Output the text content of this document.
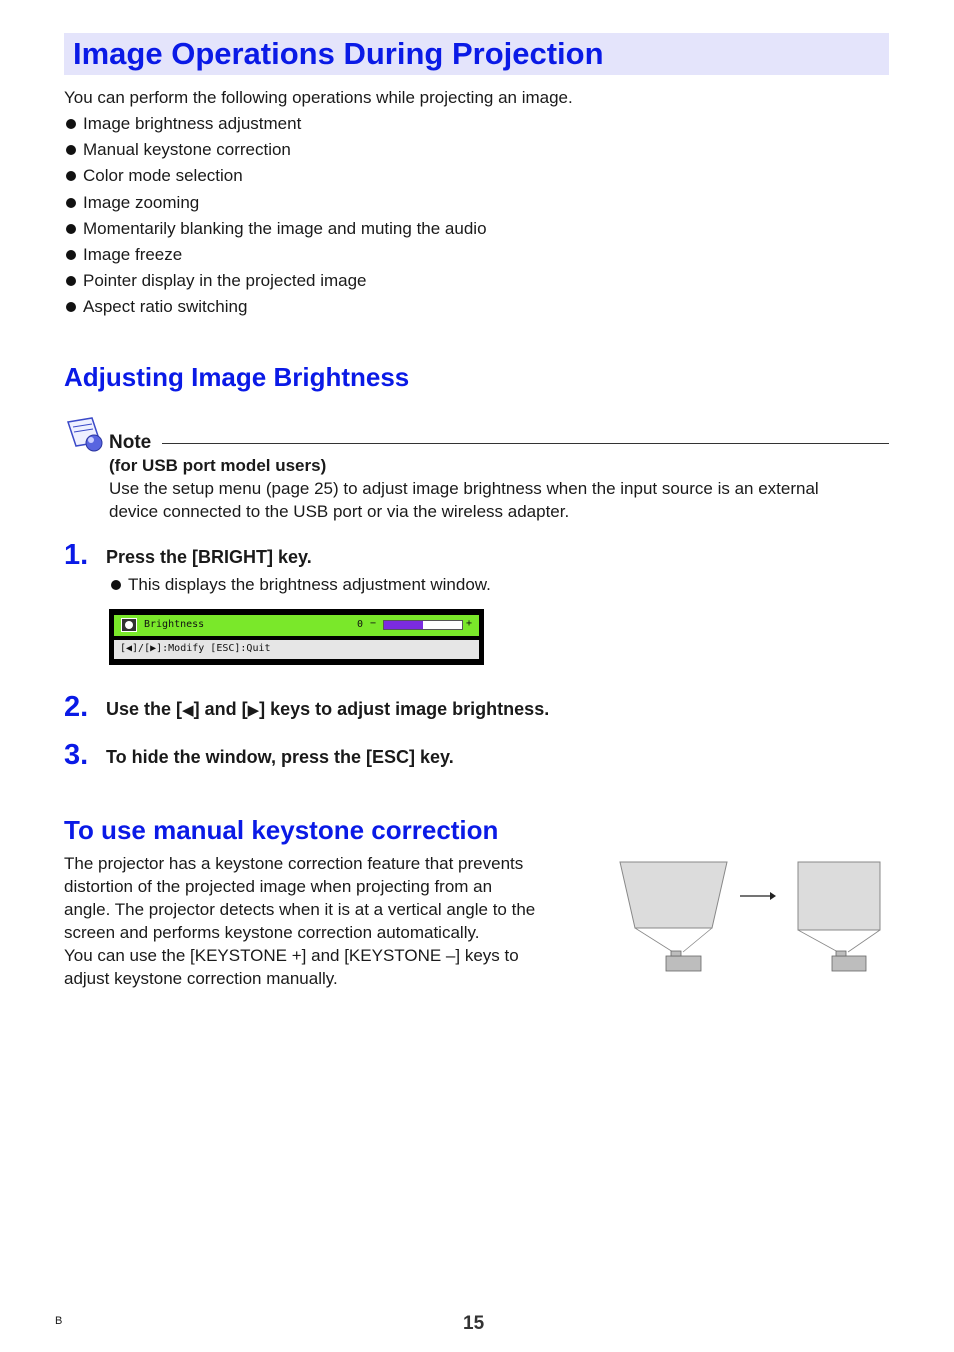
Image Operations During Projection
You can perform the following operations while projecting an image.
Image brightness adjustment
Manual keystone correction
Color mode selection
Image zooming
Momentarily blanking the image and muting the audio
Image freeze
Pointer display in the projected image
Aspect ratio switching
Adjusting Image Brightness
Note
(for USB port model users)
Use the setup menu (page 25) to adjust image brightness when the input source is an external
device connected to the USB port or via the wireless adapter.
1. Press the [BRIGHT] key.
This displays the brightness adjustment window.
Brightness	0 −	+
[◀]/[▶]:Modify [ESC]:Quit
2. Use the [◀] and [▶] keys to adjust image brightness.
3. To hide the window, press the [ESC] key.
To use manual keystone correction
The projector has a keystone correction feature that prevents
distortion of the projected image when projecting from an
angle. The projector detects when it is at a vertical angle to the
screen and performs keystone correction automatically.
You can use the [KEYSTONE +] and [KEYSTONE –] keys to
adjust keystone correction manually.
B	15
